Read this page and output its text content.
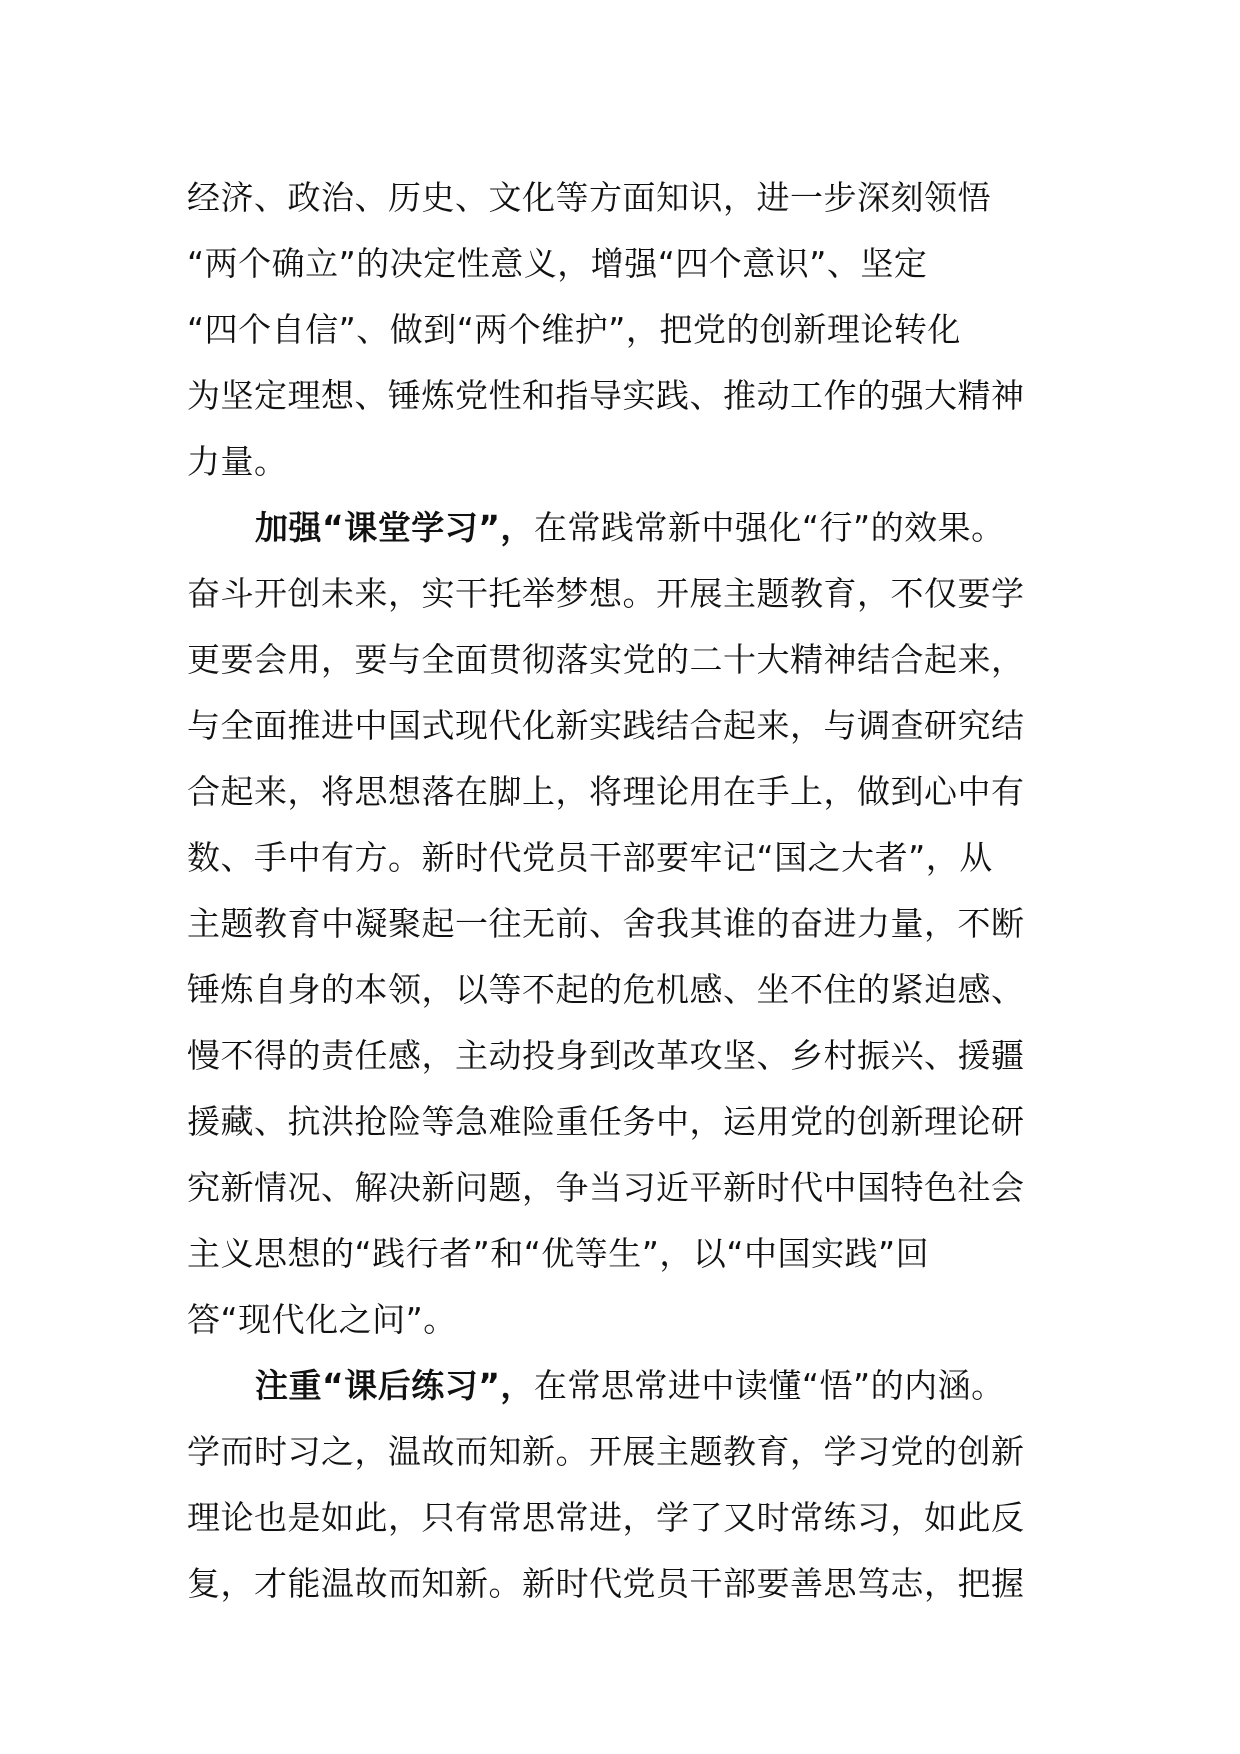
经济、政治、历史、文化等方面知识，进一步深刻领悟
“两个确立”的决定性意义，增强“四个意识”、坚定
“四个自信”、做到“两个维护”，把党的创新理论转化
为坚定理想、锤炼党性和指导实践、推动工作的强大精神
力量。
加强“课堂学习”，在常践常新中强化“行”的效果。
奋斗开创未来，实干托举梦想。开展主题教育，不仅要学
更要会用，要与全面贯彻落实党的二十大精神结合起来，
与全面推进中国式现代化新实践结合起来，与调查研究结
合起来，将思想落在脚上，将理论用在手上，做到心中有
数、手中有方。新时代党员干部要牢记“国之大者”，从
主题教育中凝聚起一往无前、舍我其谁的奋进力量，不断
锤炼自身的本领，以等不起的危机感、坐不住的紧迫感、
慢不得的责任感，主动投身到改革攻坚、乡村振兴、援疆
援藏、抗洪抢险等急难险重任务中，运用党的创新理论研
究新情况、解决新问题，争当习近平新时代中国特色社会
主义思想的“践行者”和“优等生”，以“中国实践”回
答“现代化之问”。
注重“课后练习”，在常思常进中读懂“悟”的内涵。
学而时习之，温故而知新。开展主题教育，学习党的创新
理论也是如此，只有常思常进，学了又时常练习，如此反
复，才能温故而知新。新时代党员干部要善思笃志，把握
